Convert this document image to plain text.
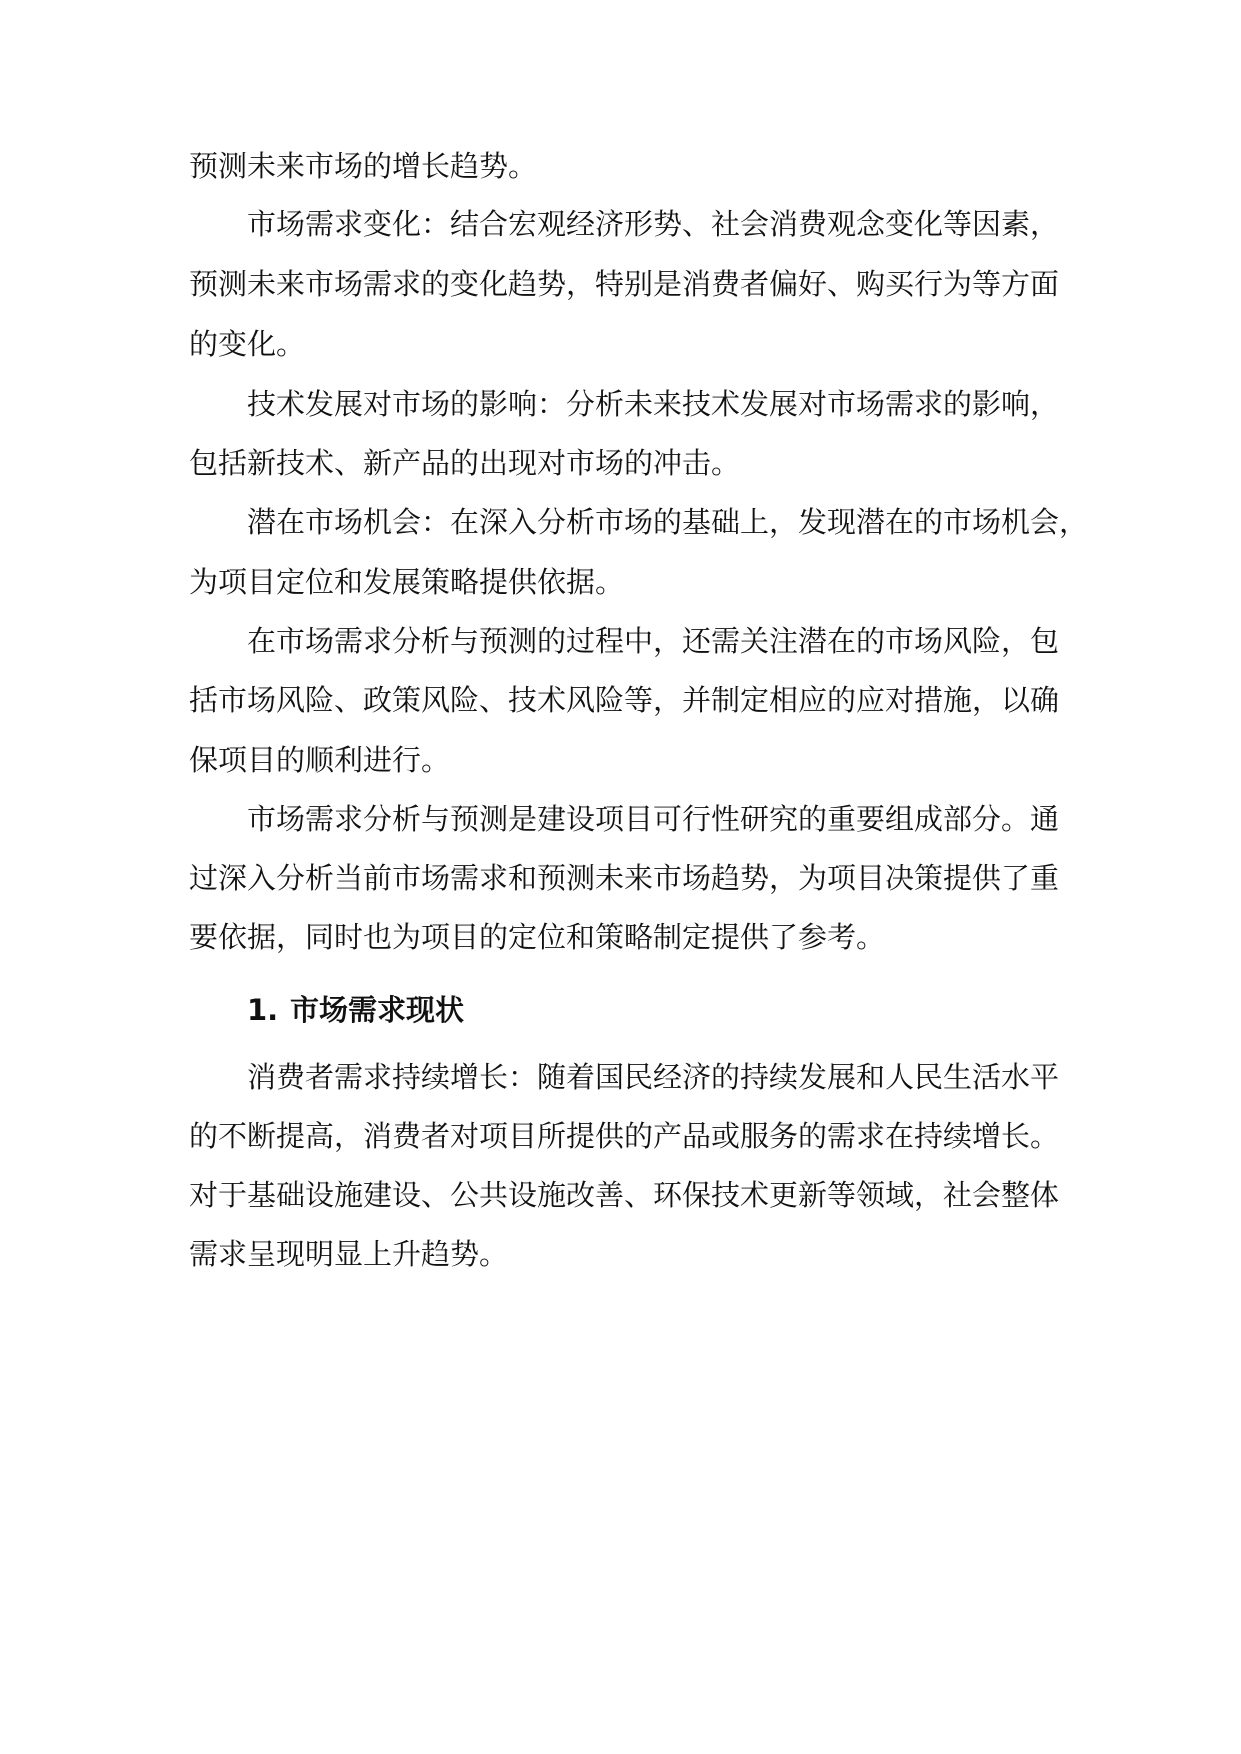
预测未来市场的增长趋势。
市场需求变化：结合宏观经济形势、社会消费观念变化等因素，
预测未来市场需求的变化趋势，特别是消费者偏好、购买行为等方面
的变化。
技术发展对市场的影响：分析未来技术发展对市场需求的影响，
包括新技术、新产品的出现对市场的冲击。
潜在市场机会：在深入分析市场的基础上，发现潜在的市场机会，
为项目定位和发展策略提供依据。
在市场需求分析与预测的过程中，还需关注潜在的市场风险，包
括市场风险、政策风险、技术风险等，并制定相应的应对措施，以确
保项目的顺利进行。
市场需求分析与预测是建设项目可行性研究的重要组成部分。通
过深入分析当前市场需求和预测未来市场趋势，为项目决策提供了重
要依据，同时也为项目的定位和策略制定提供了参考。
1. 市场需求现状
消费者需求持续增长：随着国民经济的持续发展和人民生活水平
的不断提高，消费者对项目所提供的产品或服务的需求在持续增长。
对于基础设施建设、公共设施改善、环保技术更新等领域，社会整体
需求呈现明显上升趋势。
